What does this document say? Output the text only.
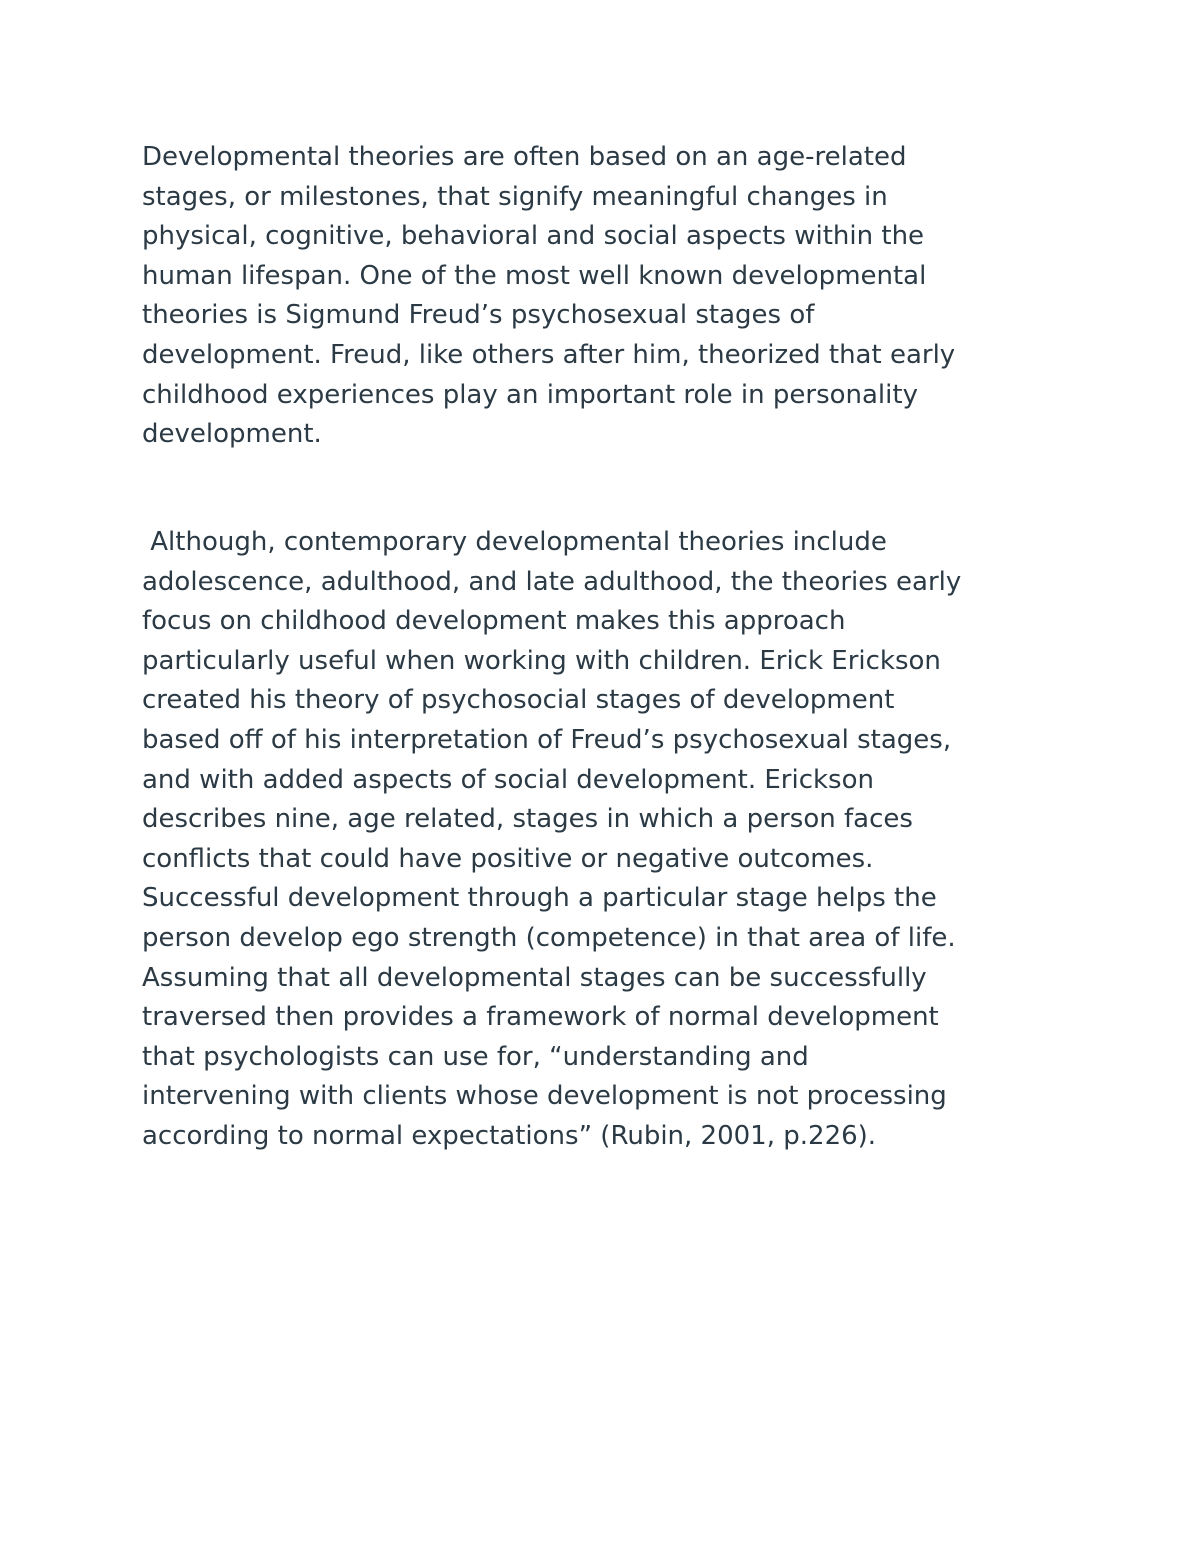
Developmental theories are often based on an age-related
stages, or milestones, that signify meaningful changes in
physical, cognitive, behavioral and social aspects within the
human lifespan. One of the most well known developmental
theories is Sigmund Freud’s psychosexual stages of
development. Freud, like others after him, theorized that early
childhood experiences play an important role in personality
development.

Although, contemporary developmental theories include
adolescence, adulthood, and late adulthood, the theories early
focus on childhood development makes this approach
particularly useful when working with children. Erick Erickson
created his theory of psychosocial stages of development
based off of his interpretation of Freud’s psychosexual stages,
and with added aspects of social development. Erickson
describes nine, age related, stages in which a person faces
conflicts that could have positive or negative outcomes.
Successful development through a particular stage helps the
person develop ego strength (competence) in that area of life.
Assuming that all developmental stages can be successfully
traversed then provides a framework of normal development
that psychologists can use for, “understanding and
intervening with clients whose development is not processing
according to normal expectations” (Rubin, 2001, p.226).
